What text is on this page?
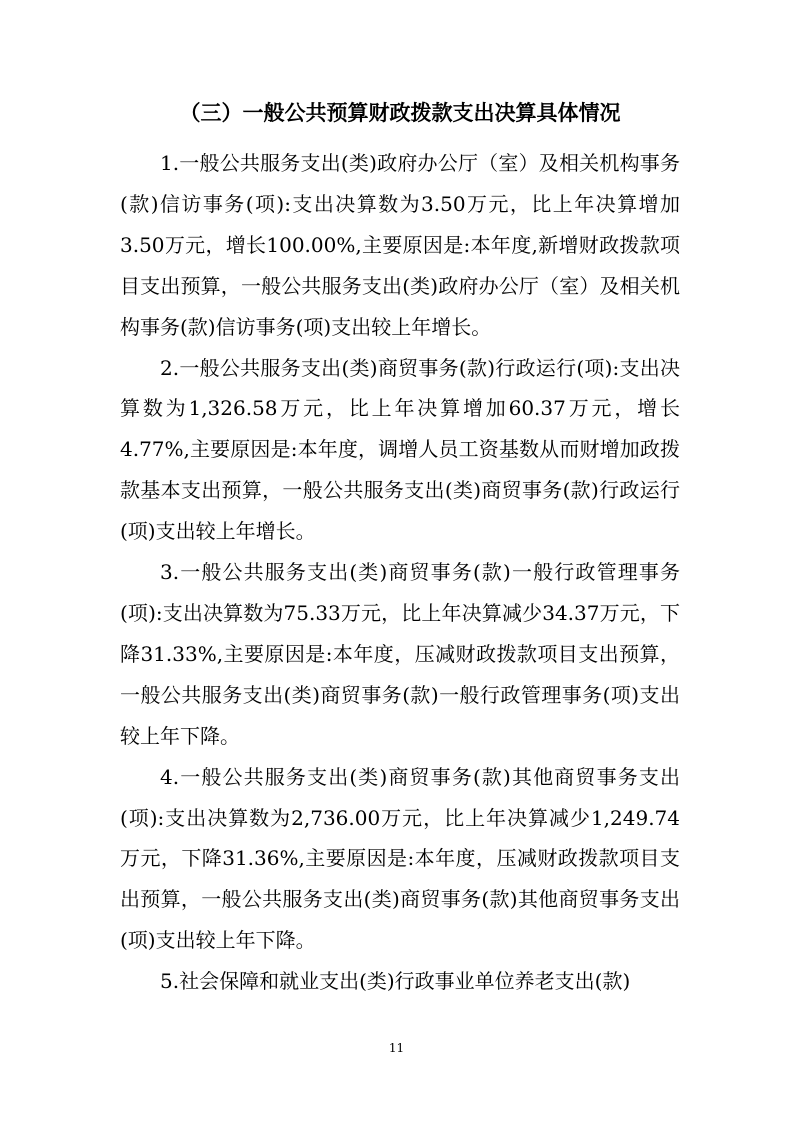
（三）一般公共预算财政拨款支出决算具体情况

1.一般公共服务支出(类)政府办公厅（室）及相关机构事务(款)信访事务(项):支出决算数为3.50万元，比上年决算增加3.50万元，增长100.00%,主要原因是:本年度,新增财政拨款项目支出预算，一般公共服务支出(类)政府办公厅（室）及相关机构事务(款)信访事务(项)支出较上年增长。

2.一般公共服务支出(类)商贸事务(款)行政运行(项):支出决算数为1,326.58万元，比上年决算增加60.37万元，增长4.77%,主要原因是:本年度，调增人员工资基数从而财增加政拨款基本支出预算，一般公共服务支出(类)商贸事务(款)行政运行(项)支出较上年增长。

3.一般公共服务支出(类)商贸事务(款)一般行政管理事务(项):支出决算数为75.33万元，比上年决算减少34.37万元，下降31.33%,主要原因是:本年度，压减财政拨款项目支出预算，一般公共服务支出(类)商贸事务(款)一般行政管理事务(项)支出较上年下降。

4.一般公共服务支出(类)商贸事务(款)其他商贸事务支出(项):支出决算数为2,736.00万元，比上年决算减少1,249.74万元，下降31.36%,主要原因是:本年度，压减财政拨款项目支出预算，一般公共服务支出(类)商贸事务(款)其他商贸事务支出(项)支出较上年下降。

5.社会保障和就业支出(类)行政事业单位养老支出(款)

11
